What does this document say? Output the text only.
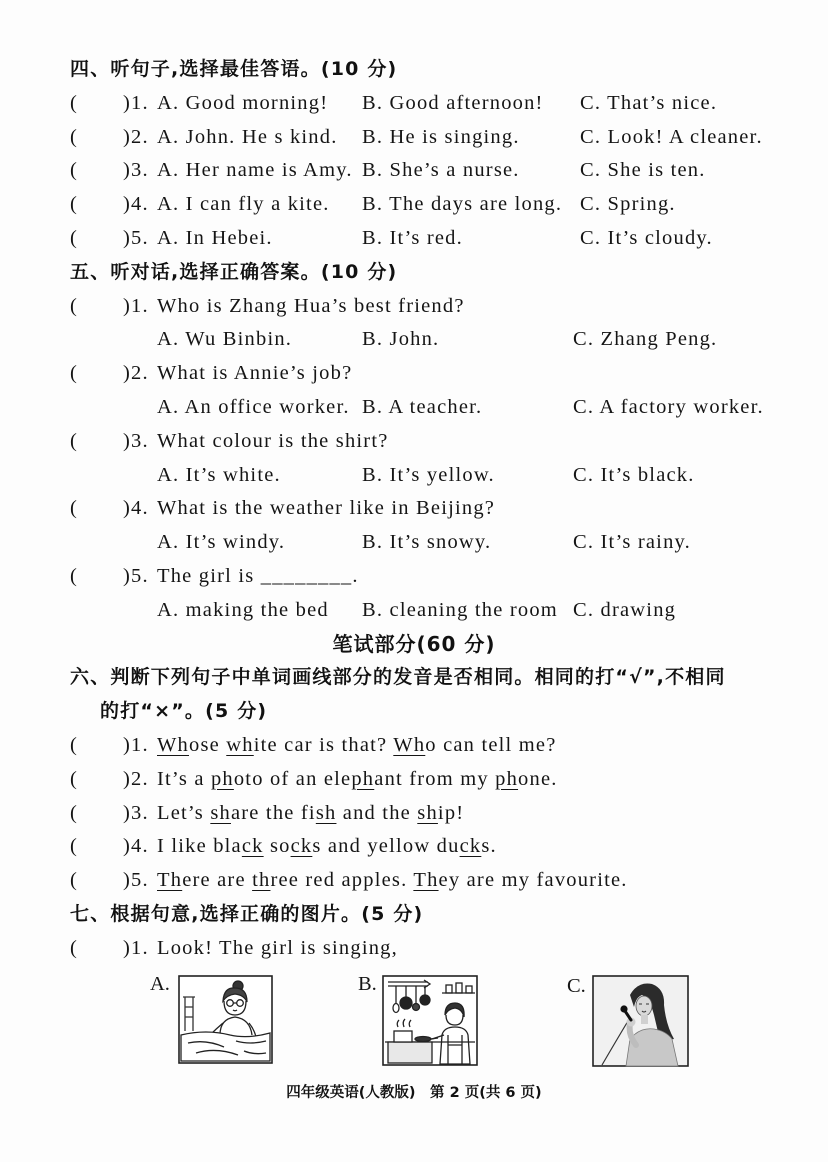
四、听句子,选择最佳答语。(10 分)
( ) 1. A. Good morning! B. Good afternoon! C. That’s nice.
( ) 2. A. John. He s kind. B. He is singing.	C. Look! A cleaner.
( ) 3. A. Her name is Amy. B. She’s a nurse.	C. She is ten.
( ) 4. A. I can fly a kite. B. The days are long. C. Spring.
( ) 5. A. In Hebei.	B. It’s red.	C. It’s cloudy.
五、听对话,选择正确答案。(10 分)
( ) 1. Who is Zhang Hua’s best friend?
A. Wu Binbin.	B. John.	C. Zhang Peng.
( ) 2. What is Annie’s job?
A. An office worker. B. A teacher.	C. A factory worker.
( ) 3. What colour is the shirt?
A. It’s white.	B. It’s yellow.	C. It’s black.
( ) 4. What is the weather like in Beijing?
A. It’s windy.	B. It’s snowy.	C. It’s rainy.
( ) 5. The girl is ________.
A. making the bed B. cleaning the room C. drawing
笔试部分(60 分)
六、判断下列句子中单词画线部分的发音是否相同。相同的打“√”,不相同
的打“×”。(5 分)
( ) 1. Whose white car is that? Who can tell me?
( ) 2. It’s a photo of an elephant from my phone.
( ) 3. Let’s share the fish and the ship!
( ) 4. I like black socks and yellow ducks.
( ) 5. There are three red apples. They are my favourite.
七、根据句意,选择正确的图片。(5 分)
( ) 1. Look! The girl is singing,
A.	B.	C.
四年级英语(人教版)　第 2 页(共 6 页)
